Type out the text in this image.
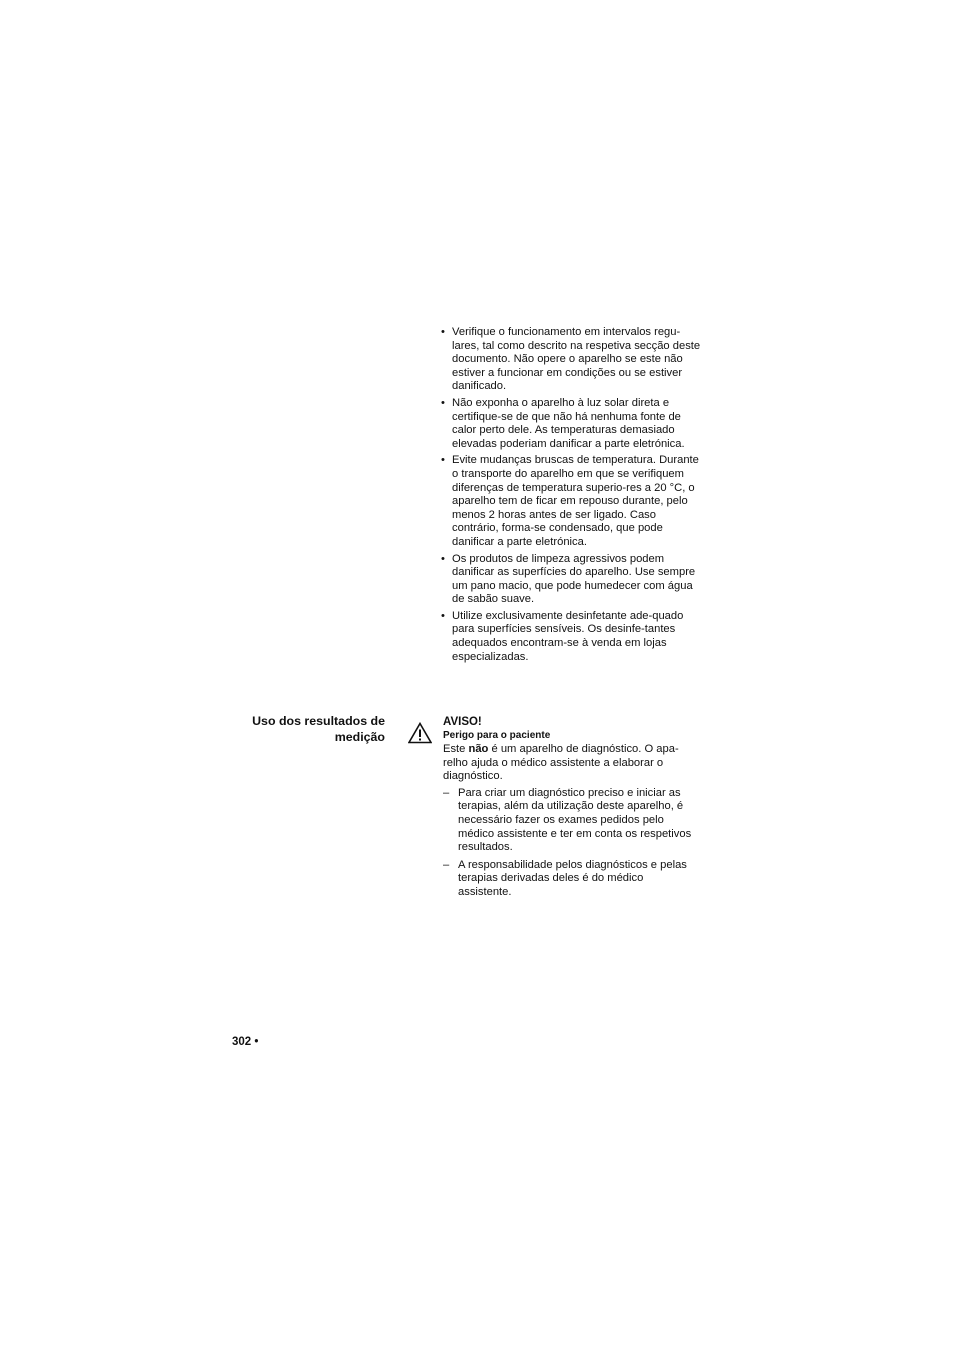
• Verifique o funcionamento em intervalos regu-lares, tal como descrito na respetiva secção deste documento. Não opere o aparelho se este não estiver a funcionar em condições ou se estiver danificado.
• Não exponha o aparelho à luz solar direta e certifique-se de que não há nenhuma fonte de calor perto dele. As temperaturas demasiado elevadas poderiam danificar a parte eletrónica.
• Evite mudanças bruscas de temperatura. Durante o transporte do aparelho em que se verifiquem diferenças de temperatura superio-res a 20 °C, o aparelho tem de ficar em repouso durante, pelo menos 2 horas antes de ser ligado. Caso contrário, forma-se condensado, que pode danificar a parte eletrónica.
• Os produtos de limpeza agressivos podem danificar as superfícies do aparelho. Use sempre um pano macio, que pode humedecer com água de sabão suave.
• Utilize exclusivamente desinfetante ade-quado para superfícies sensíveis. Os desinfe-tantes adequados encontram-se à venda em lojas especializadas.
Uso dos resultados de medição
AVISO!
Perigo para o paciente
Este não é um aparelho de diagnóstico. O apa-relho ajuda o médico assistente a elaborar o diagnóstico.
– Para criar um diagnóstico preciso e iniciar as terapias, além da utilização deste aparelho, é necessário fazer os exames pedidos pelo médico assistente e ter em conta os respetivos resultados.
– A responsabilidade pelos diagnósticos e pelas terapias derivadas deles é do médico assistente.
302 •
